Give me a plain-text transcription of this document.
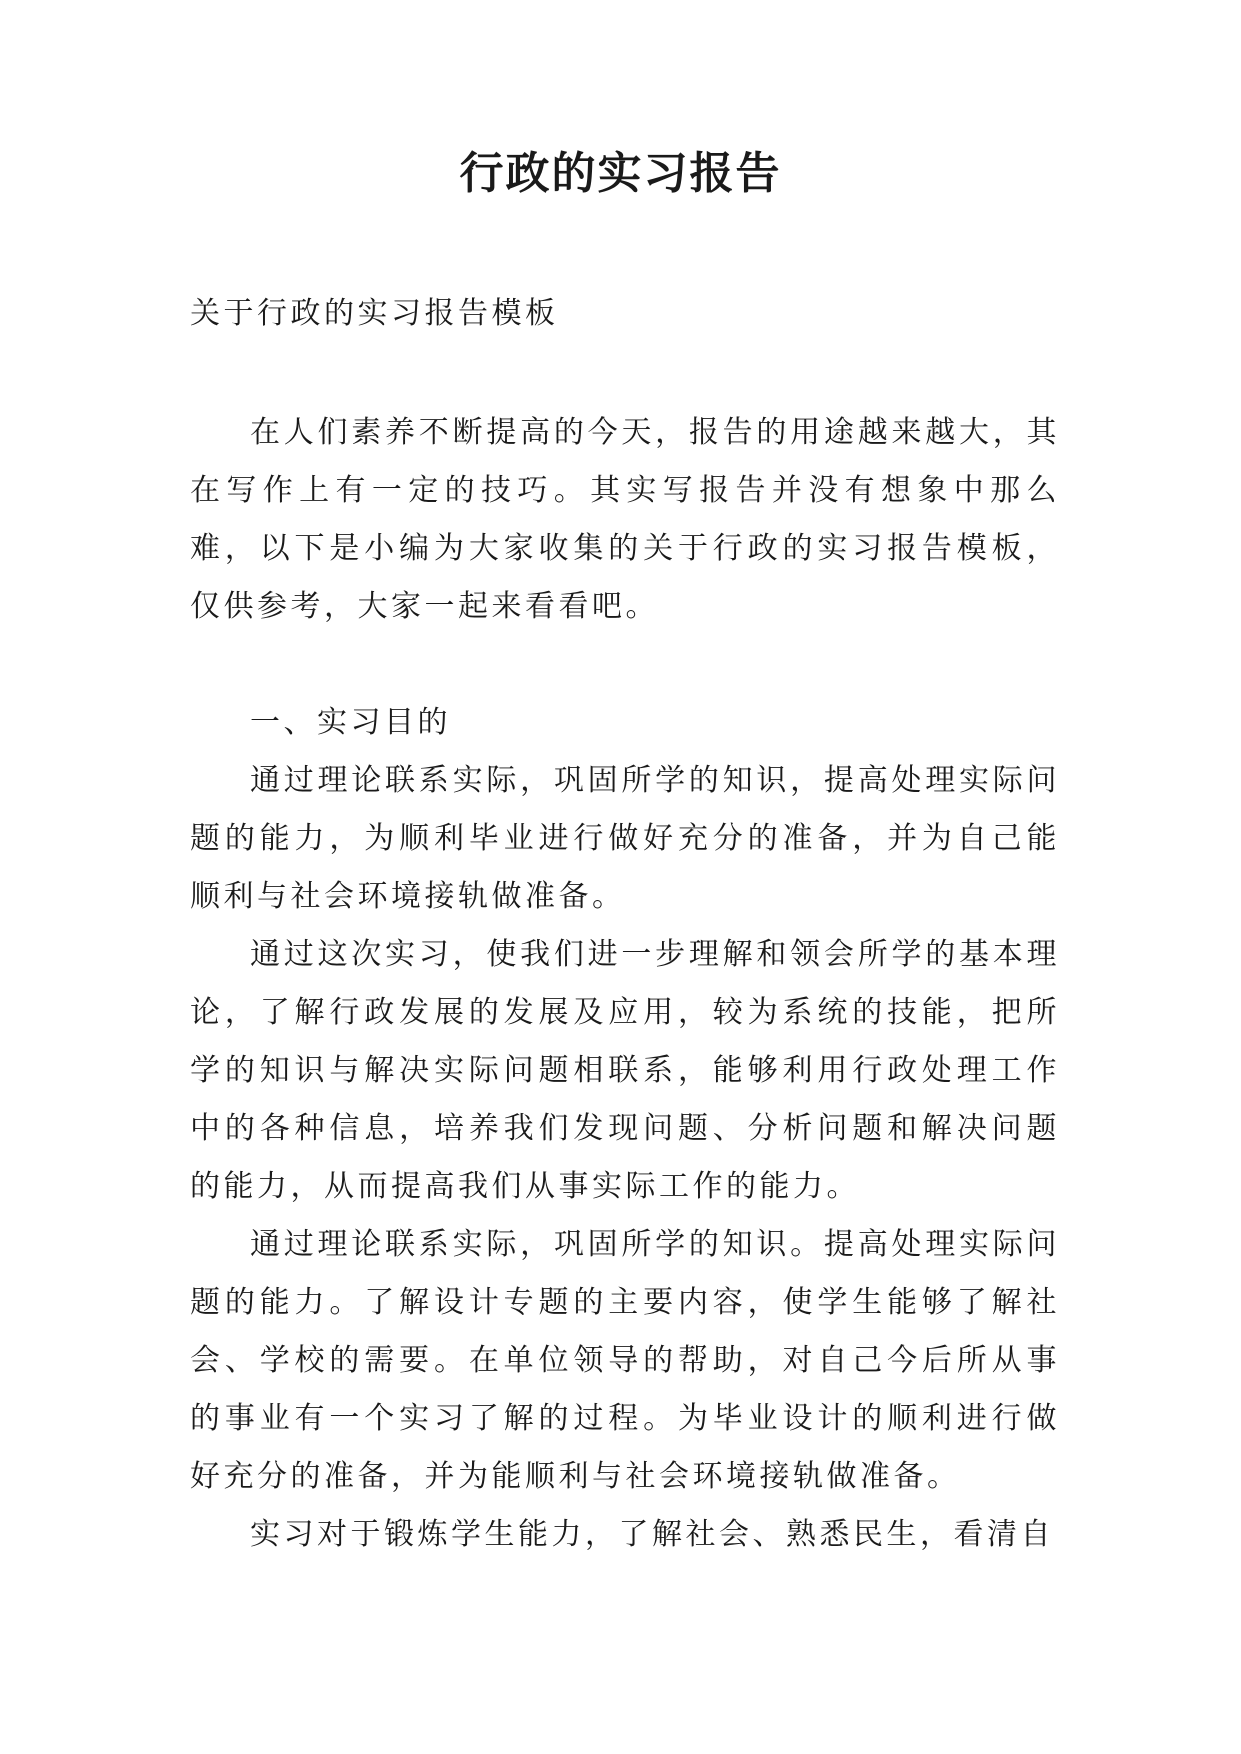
行政的实习报告

关于行政的实习报告模板

在人们素养不断提高的今天，报告的用途越来越大，其在写作上有一定的技巧。其实写报告并没有想象中那么难，以下是小编为大家收集的关于行政的实习报告模板，仅供参考，大家一起来看看吧。

一、实习目的

通过理论联系实际，巩固所学的知识，提高处理实际问题的能力，为顺利毕业进行做好充分的准备，并为自己能顺利与社会环境接轨做准备。

通过这次实习，使我们进一步理解和领会所学的基本理论，了解行政发展的发展及应用，较为系统的技能，把所学的知识与解决实际问题相联系，能够利用行政处理工作中的各种信息，培养我们发现问题、分析问题和解决问题的能力，从而提高我们从事实际工作的能力。

通过理论联系实际，巩固所学的知识。提高处理实际问题的能力。了解设计专题的主要内容，使学生能够了解社会、学校的需要。在单位领导的帮助，对自己今后所从事的事业有一个实习了解的过程。为毕业设计的顺利进行做好充分的准备，并为能顺利与社会环境接轨做准备。

实习对于锻炼学生能力，了解社会、熟悉民生，看清自
